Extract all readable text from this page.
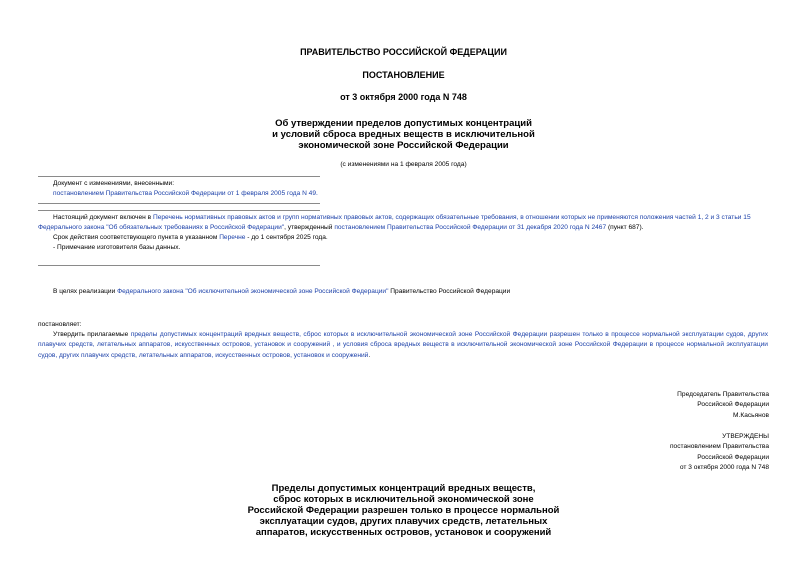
ПРАВИТЕЛЬСТВО РОССИЙСКОЙ ФЕДЕРАЦИИ
ПОСТАНОВЛЕНИЕ
от 3 октября 2000 года N 748
Об утверждении пределов допустимых концентраций
и условий сброса вредных веществ в исключительной
экономической зоне Российской Федерации
(с изменениями на 1 февраля 2005 года)
Документ с изменениями, внесенными:
постановлением Правительства Российской Федерации от 1 февраля 2005 года N 49.
Настоящий документ включен в Перечень нормативных правовых актов и групп нормативных правовых актов, содержащих обязательные требования, в отношении которых не применяются положения частей 1, 2 и 3 статьи 15 Федерального закона "Об обязательных требованиях в Российской Федерации", утвержденный постановлением Правительства Российской Федерации от 31 декабря 2020 года N 2467 (пункт 687).
Срок действия соответствующего пункта в указанном Перечне - до 1 сентября 2025 года.
- Примечание изготовителя базы данных.
В целях реализации Федерального закона "Об исключительной экономической зоне Российской Федерации" Правительство Российской Федерации
постановляет:
Утвердить прилагаемые пределы допустимых концентраций вредных веществ, сброс которых в исключительной экономической зоне Российской Федерации разрешен только в процессе нормальной эксплуатации судов, других плавучих средств, летательных аппаратов, искусственных островов, установок и сооружений , и условия сброса вредных веществ в исключительной экономической зоне Российской Федерации в процессе нормальной эксплуатации судов, других плавучих средств, летательных аппаратов, искусственных островов, установок и сооружений.
Председатель Правительства
Российской Федерации
М.Касьянов
УТВЕРЖДЕНЫ
постановлением Правительства
Российской Федерации
от 3 октября 2000 года N 748
Пределы допустимых концентраций вредных веществ,
сброс которых в исключительной экономической зоне
Российской Федерации разрешен только в процессе нормальной
эксплуатации судов, других плавучих средств, летательных
аппаратов, искусственных островов, установок и сооружений
